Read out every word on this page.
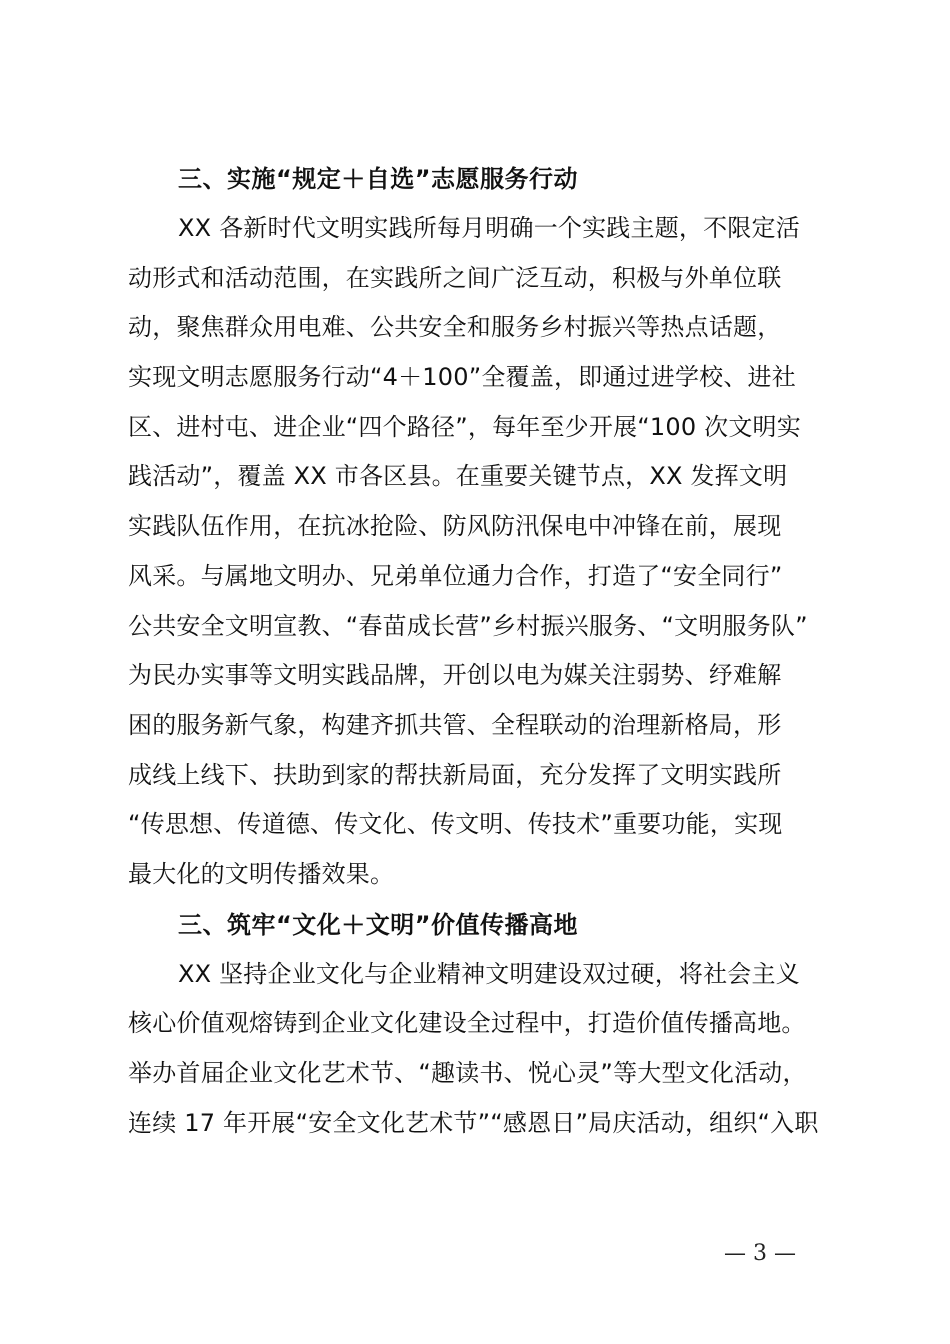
三、实施“规定＋自选”志愿服务行动

XX 各新时代文明实践所每月明确一个实践主题，不限定活

动形式和活动范围，在实践所之间广泛互动，积极与外单位联

动，聚焦群众用电难、公共安全和服务乡村振兴等热点话题，

实现文明志愿服务行动“4＋100”全覆盖，即通过进学校、进社

区、进村屯、进企业“四个路径”，每年至少开展“100 次文明实

践活动”，覆盖 XX 市各区县。在重要关键节点，XX 发挥文明

实践队伍作用，在抗冰抢险、防风防汛保电中冲锋在前，展现

风采。与属地文明办、兄弟单位通力合作，打造了“安全同行”

公共安全文明宣教、“春苗成长营”乡村振兴服务、“文明服务队”

为民办实事等文明实践品牌，开创以电为媒关注弱势、纾难解

困的服务新气象，构建齐抓共管、全程联动的治理新格局，形

成线上线下、扶助到家的帮扶新局面，充分发挥了文明实践所

“传思想、传道德、传文化、传文明、传技术”重要功能，实现

最大化的文明传播效果。

三、筑牢“文化＋文明”价值传播高地

XX 坚持企业文化与企业精神文明建设双过硬，将社会主义

核心价值观熔铸到企业文化建设全过程中，打造价值传播高地。

举办首届企业文化艺术节、“趣读书、悦心灵”等大型文化活动，

连续 17 年开展“安全文化艺术节”“感恩日”局庆活动，组织“入职

— 3 —
